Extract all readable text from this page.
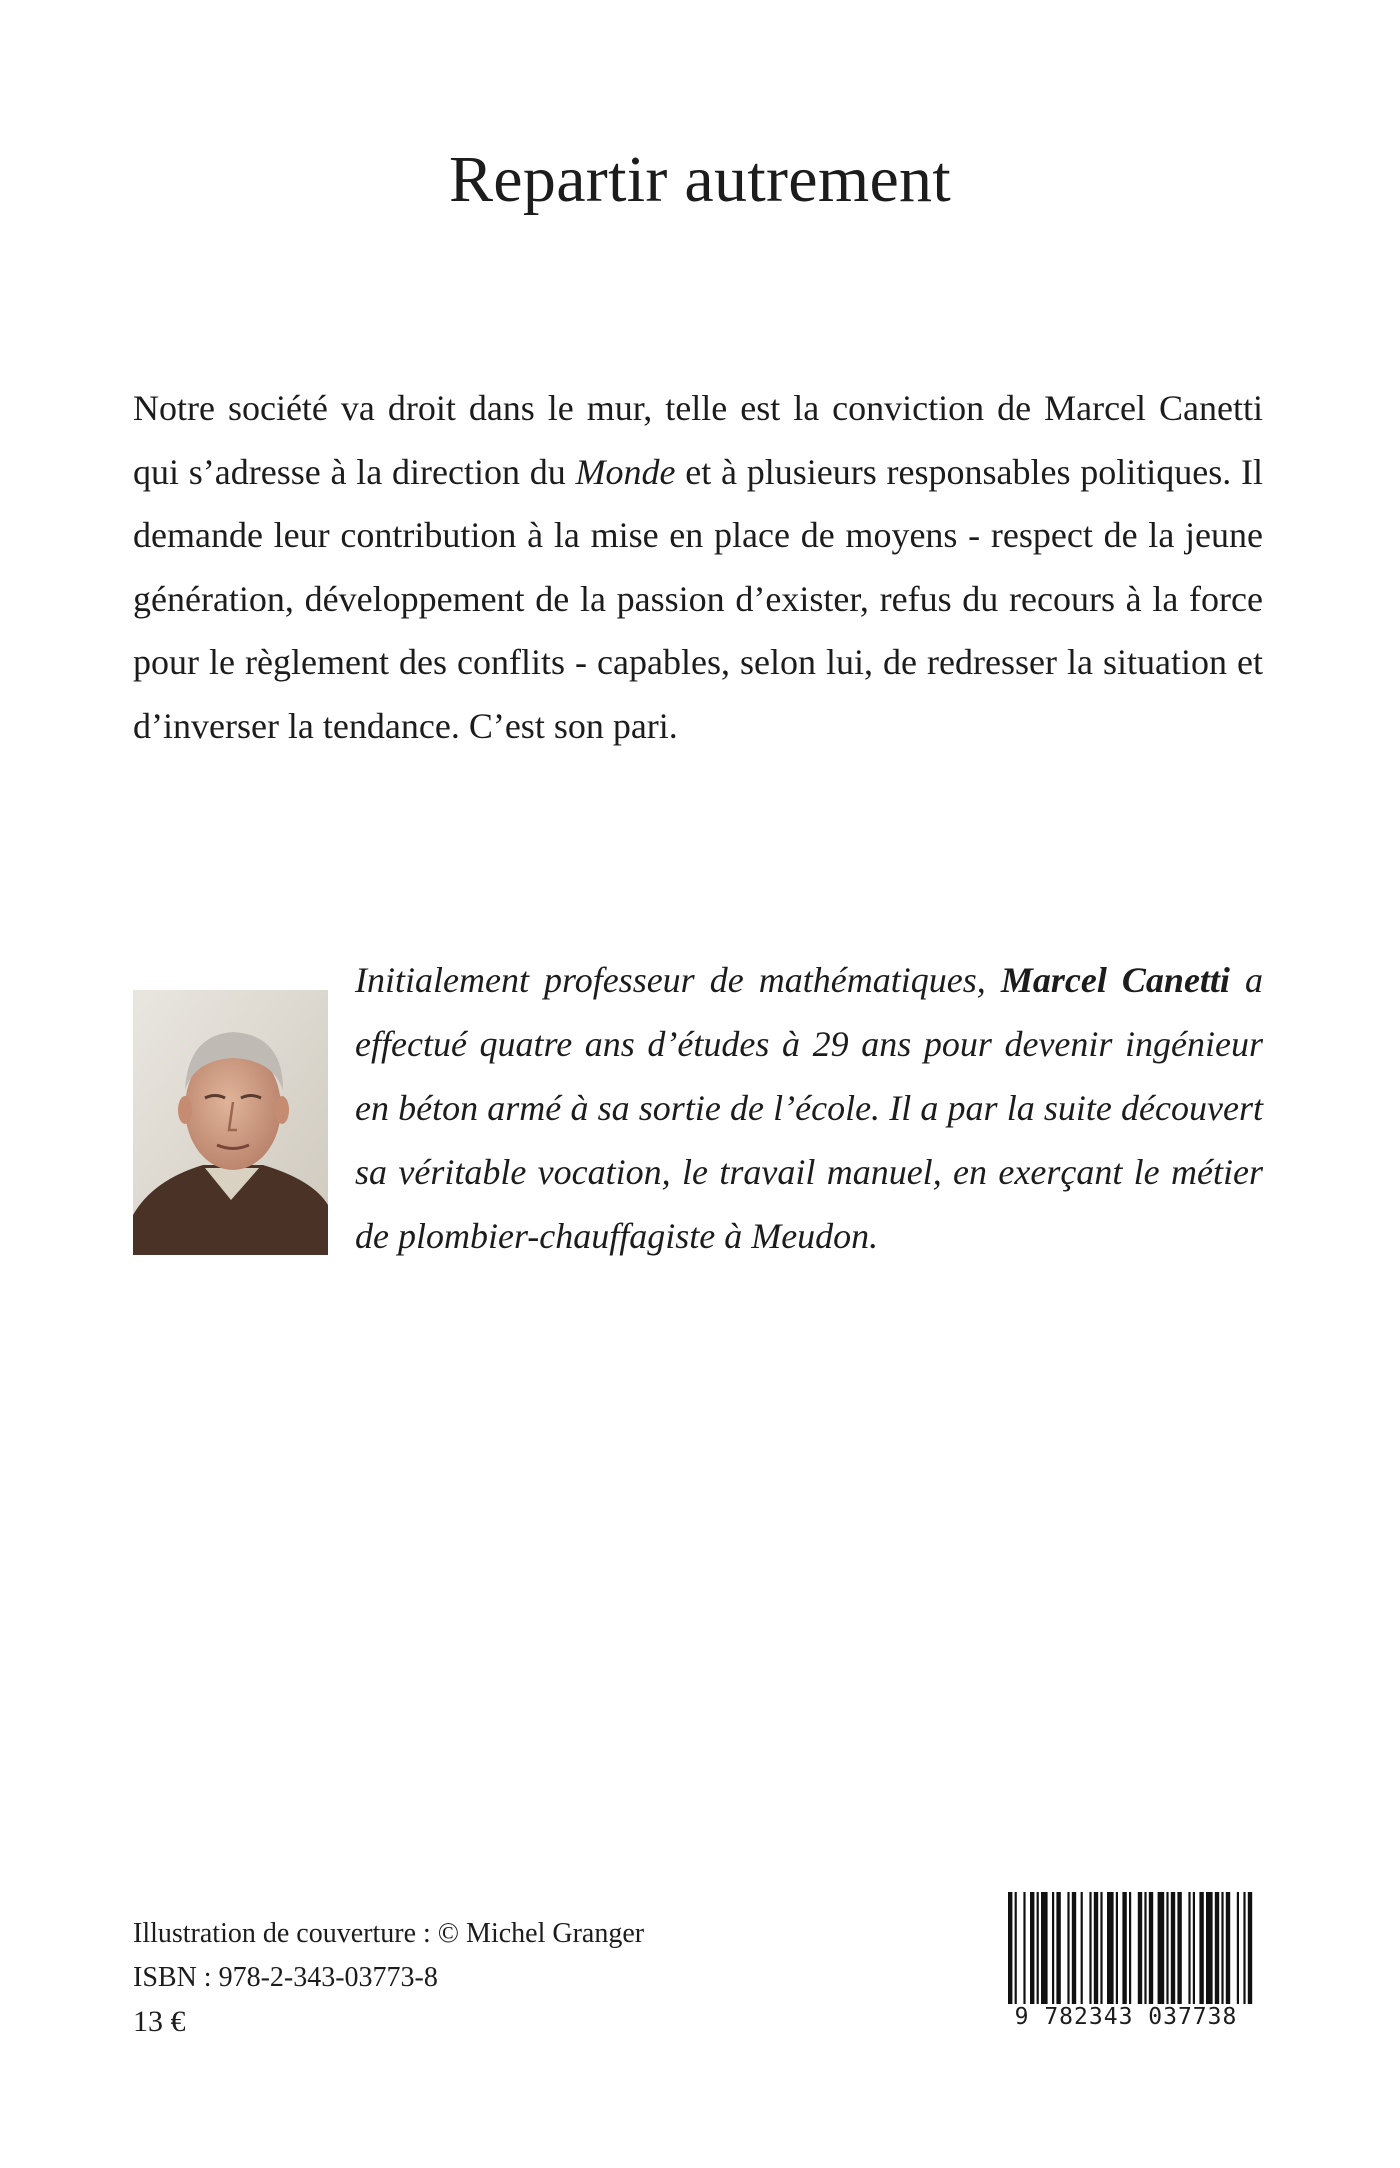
Repartir autrement

Notre société va droit dans le mur, telle est la conviction de Marcel Canetti qui s’adresse à la direction du Monde et à plusieurs responsables politiques. Il demande leur contribution à la mise en place de moyens - respect de la jeune génération, développement de la passion d’exister, refus du recours à la force pour le règlement des conflits - capables, selon lui, de redresser la situation et d’inverser la tendance. C’est son pari.

Initialement professeur de mathématiques, Marcel Canetti a effectué quatre ans d’études à 29 ans pour devenir ingénieur en béton armé à sa sortie de l’école. Il a par la suite découvert sa véritable vocation, le travail manuel, en exerçant le métier de plombier-chauffagiste à Meudon.

Illustration de couverture : © Michel Granger
ISBN : 978-2-343-03773-8
13 €	9 782343 037738
